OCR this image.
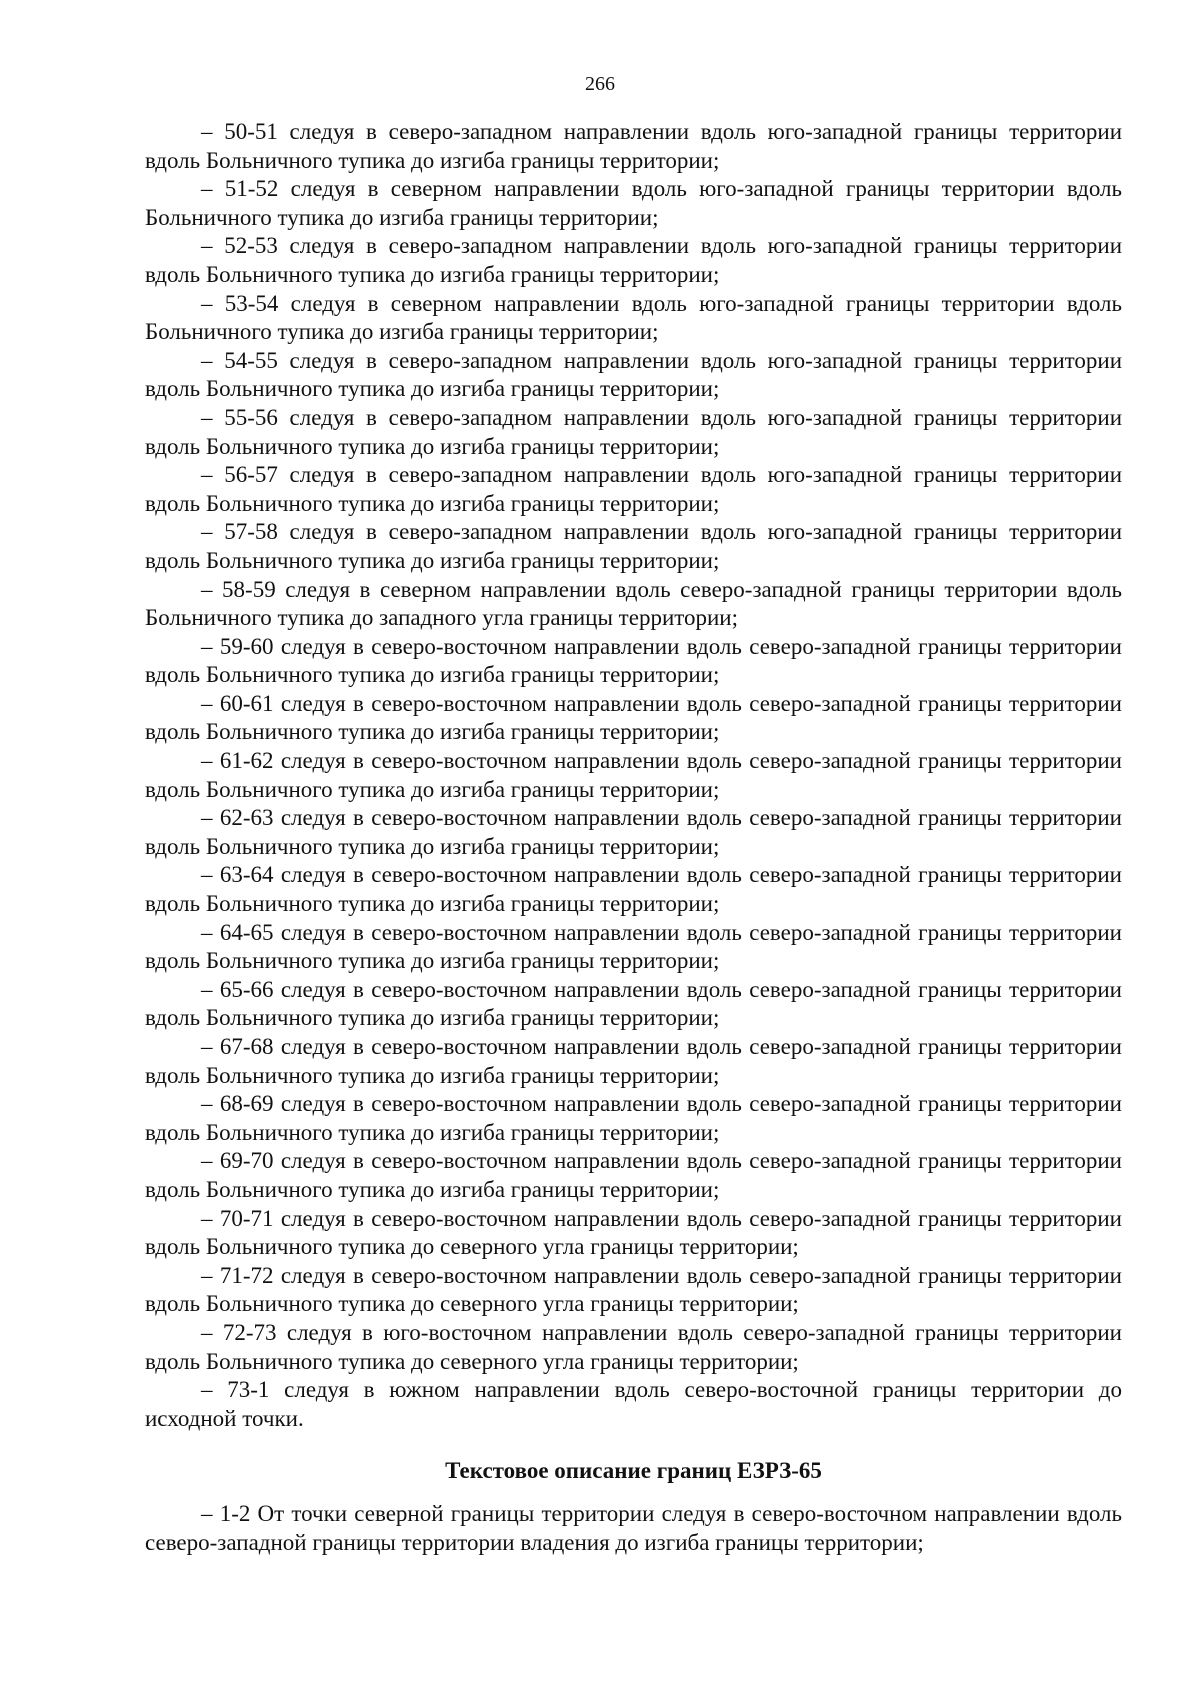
266

– 50-51 следуя в северо-западном направлении вдоль юго-западной границы территории вдоль Больничного тупика до изгиба границы территории;

– 51-52 следуя в северном направлении вдоль юго-западной границы территории вдоль Больничного тупика до изгиба границы территории;

– 52-53 следуя в северо-западном направлении вдоль юго-западной границы территории вдоль Больничного тупика до изгиба границы территории;

– 53-54 следуя в северном направлении вдоль юго-западной границы территории вдоль Больничного тупика до изгиба границы территории;

– 54-55 следуя в северо-западном направлении вдоль юго-западной границы территории вдоль Больничного тупика до изгиба границы территории;

– 55-56 следуя в северо-западном направлении вдоль юго-западной границы территории вдоль Больничного тупика до изгиба границы территории;

– 56-57 следуя в северо-западном направлении вдоль юго-западной границы территории вдоль Больничного тупика до изгиба границы территории;

– 57-58 следуя в северо-западном направлении вдоль юго-западной границы территории вдоль Больничного тупика до изгиба границы территории;

– 58-59 следуя в северном направлении вдоль северо-западной границы территории вдоль Больничного тупика до западного угла границы территории;

– 59-60 следуя в северо-восточном направлении вдоль северо-западной границы территории вдоль Больничного тупика до изгиба границы территории;

– 60-61 следуя в северо-восточном направлении вдоль северо-западной границы территории вдоль Больничного тупика до изгиба границы территории;

– 61-62 следуя в северо-восточном направлении вдоль северо-западной границы территории вдоль Больничного тупика до изгиба границы территории;

– 62-63 следуя в северо-восточном направлении вдоль северо-западной границы территории вдоль Больничного тупика до изгиба границы территории;

– 63-64 следуя в северо-восточном направлении вдоль северо-западной границы территории вдоль Больничного тупика до изгиба границы территории;

– 64-65 следуя в северо-восточном направлении вдоль северо-западной границы территории вдоль Больничного тупика до изгиба границы территории;

– 65-66 следуя в северо-восточном направлении вдоль северо-западной границы территории вдоль Больничного тупика до изгиба границы территории;

– 67-68 следуя в северо-восточном направлении вдоль северо-западной границы территории вдоль Больничного тупика до изгиба границы территории;

– 68-69 следуя в северо-восточном направлении вдоль северо-западной границы территории вдоль Больничного тупика до изгиба границы территории;

– 69-70 следуя в северо-восточном направлении вдоль северо-западной границы территории вдоль Больничного тупика до изгиба границы территории;

– 70-71 следуя в северо-восточном направлении вдоль северо-западной границы территории вдоль Больничного тупика до северного угла границы территории;

– 71-72 следуя в северо-восточном направлении вдоль северо-западной границы территории вдоль Больничного тупика до северного угла границы территории;

– 72-73 следуя в юго-восточном направлении вдоль северо-западной границы территории вдоль Больничного тупика до северного угла границы территории;

– 73-1 следуя в южном направлении вдоль северо-восточной границы территории до исходной точки.

Текстовое описание границ ЕЗРЗ-65

– 1-2 От точки северной границы территории следуя в северо-восточном направлении вдоль северо-западной границы территории владения до изгиба границы территории;
